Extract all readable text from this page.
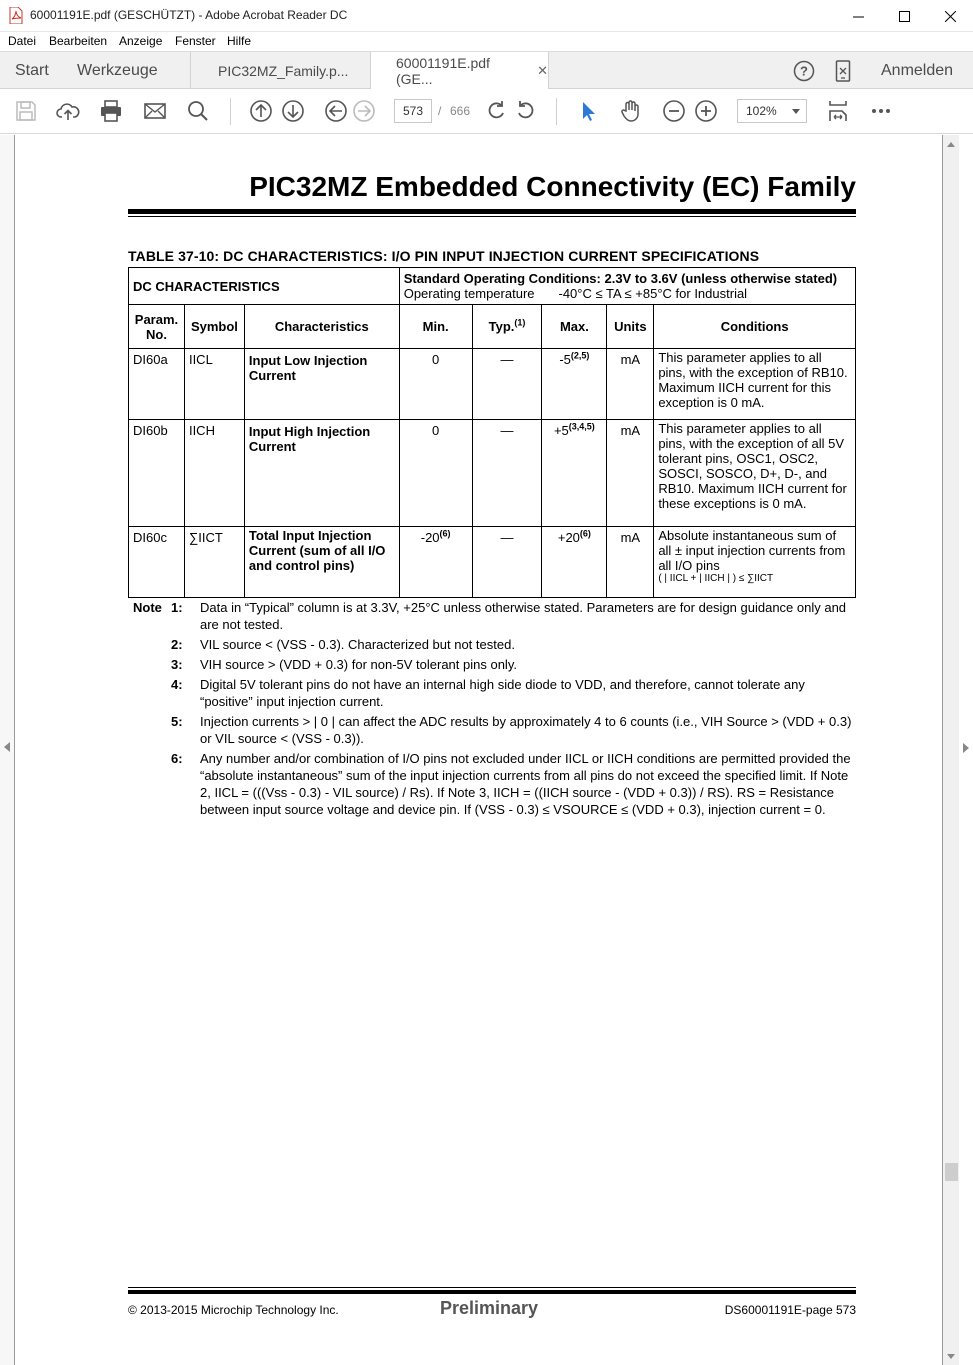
60001191E.pdf (GESCHÜTZT) - Adobe Acrobat Reader DC
Datei Bearbeiten Anzeige Fenster Hilfe
Start Werkzeuge	PIC32MZ_Family.p...	60001191E.pdf (GE...
✕	?	Anmelden
573	/ 666	102%
PIC32MZ Embedded Connectivity (EC) Family
TABLE 37-10: DC CHARACTERISTICS: I/O PIN INPUT INJECTION CURRENT SPECIFICATIONS
DC CHARACTERISTICS			Standard Operating Conditions: 2.3V to 3.6V (unless otherwise stated)
Operating temperature -40°C ≤ TA ≤ +85°C for Industrial				

Param. No.	Symbol	Characteristics	Min.	Typ.$^{(1)}$	Max.	Units	Conditions
DI60a	IICL	Input Low Injection Current	0	—	-5$^{(2,5)}$	mA	This parameter applies to all pins, with the exception of RB10. Maximum IICH current for this exception is 0 mA.
DI60b	IICH	Input High Injection Current	0	—	$+5^{(3,4,5)}$	mA	This parameter applies to all pins, with the exception of all 5V tolerant pins, OSC1, OSC2, SOSCI, SOSCO, D+, D-, and RB10. Maximum IICH current for these exceptions is 0 mA.
DI60c	∑IICT	Total Input Injection Current (sum of all I/O and control pins)	-20$^{(6)}$	—	$+20^{(6)}$	mA	Absolute instantaneous sum of all ± input injection currents from all I/O pins
( | IICL + | IICH | ) ≤ ∑IICT
Note 1: Data in “Typical” column is at 3.3V, +25°C unless otherwise stated. Parameters are for design guidance only and are not tested.
2: VIL source < (VSS - 0.3). Characterized but not tested.
3: VIH source > (VDD + 0.3) for non-5V tolerant pins only.
4: Digital 5V tolerant pins do not have an internal high side diode to VDD, and therefore, cannot tolerate any “positive” input injection current.
5: Injection currents > | 0 | can affect the ADC results by approximately 4 to 6 counts (i.e., VIH Source > (VDD + 0.3) or VIL source < (VSS - 0.3)).
6: Any number and/or combination of I/O pins not excluded under IICL or IICH conditions are permitted provided the “absolute instantaneous” sum of the input injection currents from all pins do not exceed the specified limit. If Note 2, IICL = (((Vss - 0.3) - VIL source) / Rs). If Note 3, IICH = ((IICH source - (VDD + 0.3)) / RS). RS = Resistance between input source voltage and device pin. If (VSS - 0.3) ≤ VSOURCE ≤ (VDD + 0.3), injection current = 0.
© 2013-2015 Microchip Technology Inc.	Preliminary	DS60001191E-page 573
